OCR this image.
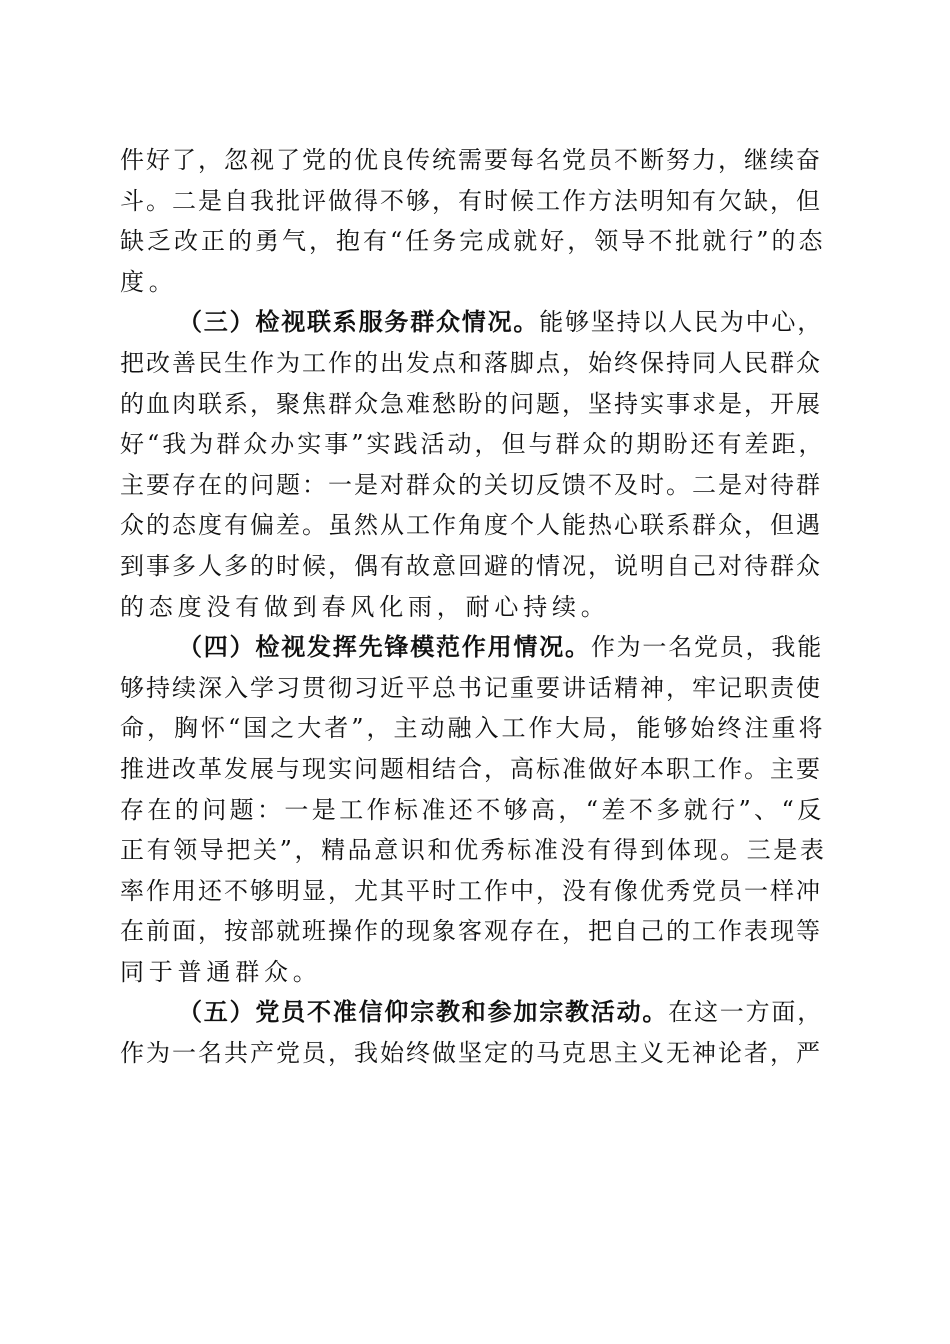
件好了，忽视了党的优良传统需要每名党员不断努力，继续奋
斗。二是自我批评做得不够，有时候工作方法明知有欠缺，但
缺乏改正的勇气，抱有“任务完成就好，领导不批就行”的态
度。
（三）检视联系服务群众情况。能够坚持以人民为中心，
把改善民生作为工作的出发点和落脚点，始终保持同人民群众
的血肉联系，聚焦群众急难愁盼的问题，坚持实事求是，开展
好“我为群众办实事”实践活动，但与群众的期盼还有差距，
主要存在的问题：一是对群众的关切反馈不及时。二是对待群
众的态度有偏差。虽然从工作角度个人能热心联系群众，但遇
到事多人多的时候，偶有故意回避的情况，说明自己对待群众
的态度没有做到春风化雨，耐心持续。
（四）检视发挥先锋模范作用情况。作为一名党员，我能
够持续深入学习贯彻习近平总书记重要讲话精神，牢记职责使
命，胸怀“国之大者”，主动融入工作大局，能够始终注重将
推进改革发展与现实问题相结合，高标准做好本职工作。主要
存在的问题：一是工作标准还不够高，“差不多就行”、“反
正有领导把关”，精品意识和优秀标准没有得到体现。三是表
率作用还不够明显，尤其平时工作中，没有像优秀党员一样冲
在前面，按部就班操作的现象客观存在，把自己的工作表现等
同于普通群众。
（五）党员不准信仰宗教和参加宗教活动。在这一方面，
作为一名共产党员，我始终做坚定的马克思主义无神论者，严
